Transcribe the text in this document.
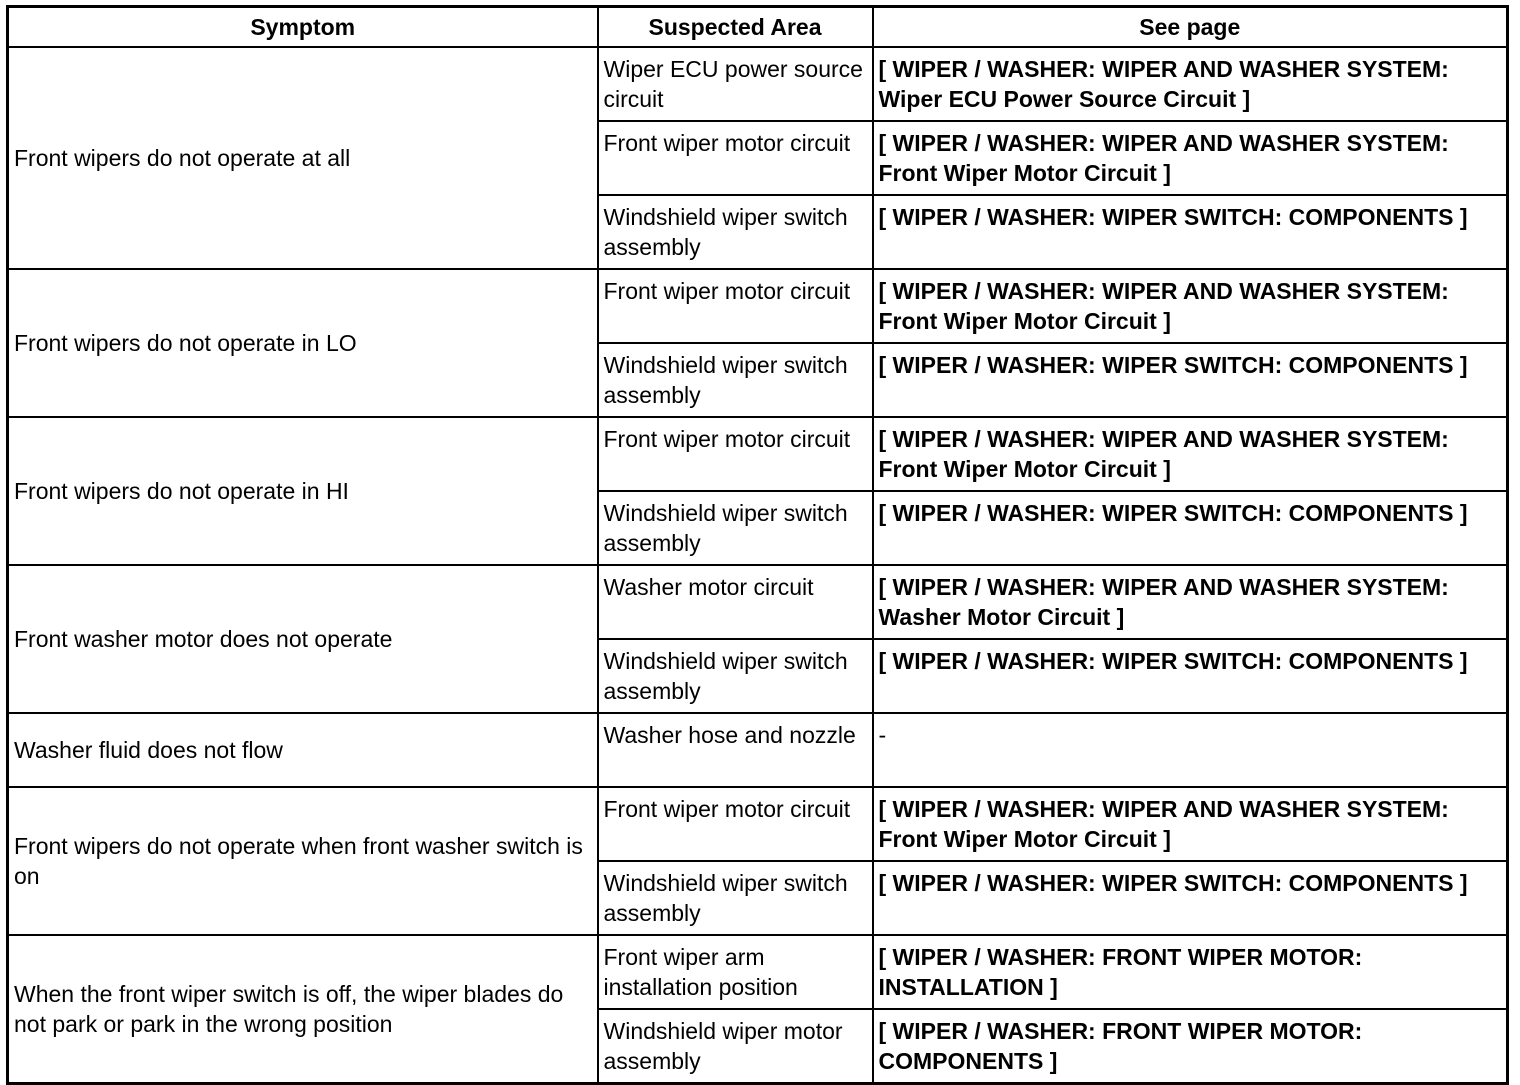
Symptom	Suspected Area	See page
Front wipers do not operate at all	Wiper ECU power source circuit	[ WIPER / WASHER: WIPER AND WASHER SYSTEM: Wiper ECU Power Source Circuit ]
	Front wiper motor circuit	[ WIPER / WASHER: WIPER AND WASHER SYSTEM: Front Wiper Motor Circuit ]
	Windshield wiper switch assembly	[ WIPER / WASHER: WIPER SWITCH: COMPONENTS ]
Front wipers do not operate in LO	Front wiper motor circuit	[ WIPER / WASHER: WIPER AND WASHER SYSTEM: Front Wiper Motor Circuit ]
	Windshield wiper switch assembly	[ WIPER / WASHER: WIPER SWITCH: COMPONENTS ]
Front wipers do not operate in HI	Front wiper motor circuit	[ WIPER / WASHER: WIPER AND WASHER SYSTEM: Front Wiper Motor Circuit ]
	Windshield wiper switch assembly	[ WIPER / WASHER: WIPER SWITCH: COMPONENTS ]
Front washer motor does not operate	Washer motor circuit	[ WIPER / WASHER: WIPER AND WASHER SYSTEM: Washer Motor Circuit ]
	Windshield wiper switch assembly	[ WIPER / WASHER: WIPER SWITCH: COMPONENTS ]
Washer fluid does not flow	Washer hose and nozzle	-
Front wipers do not operate when front washer switch is on	Front wiper motor circuit	[ WIPER / WASHER: WIPER AND WASHER SYSTEM: Front Wiper Motor Circuit ]
	Windshield wiper switch assembly	[ WIPER / WASHER: WIPER SWITCH: COMPONENTS ]
When the front wiper switch is off, the wiper blades do not park or park in the wrong position	Front wiper arm installation position	[ WIPER / WASHER: FRONT WIPER MOTOR: INSTALLATION ]
	Windshield wiper motor assembly	[ WIPER / WASHER: FRONT WIPER MOTOR: COMPONENTS ]
